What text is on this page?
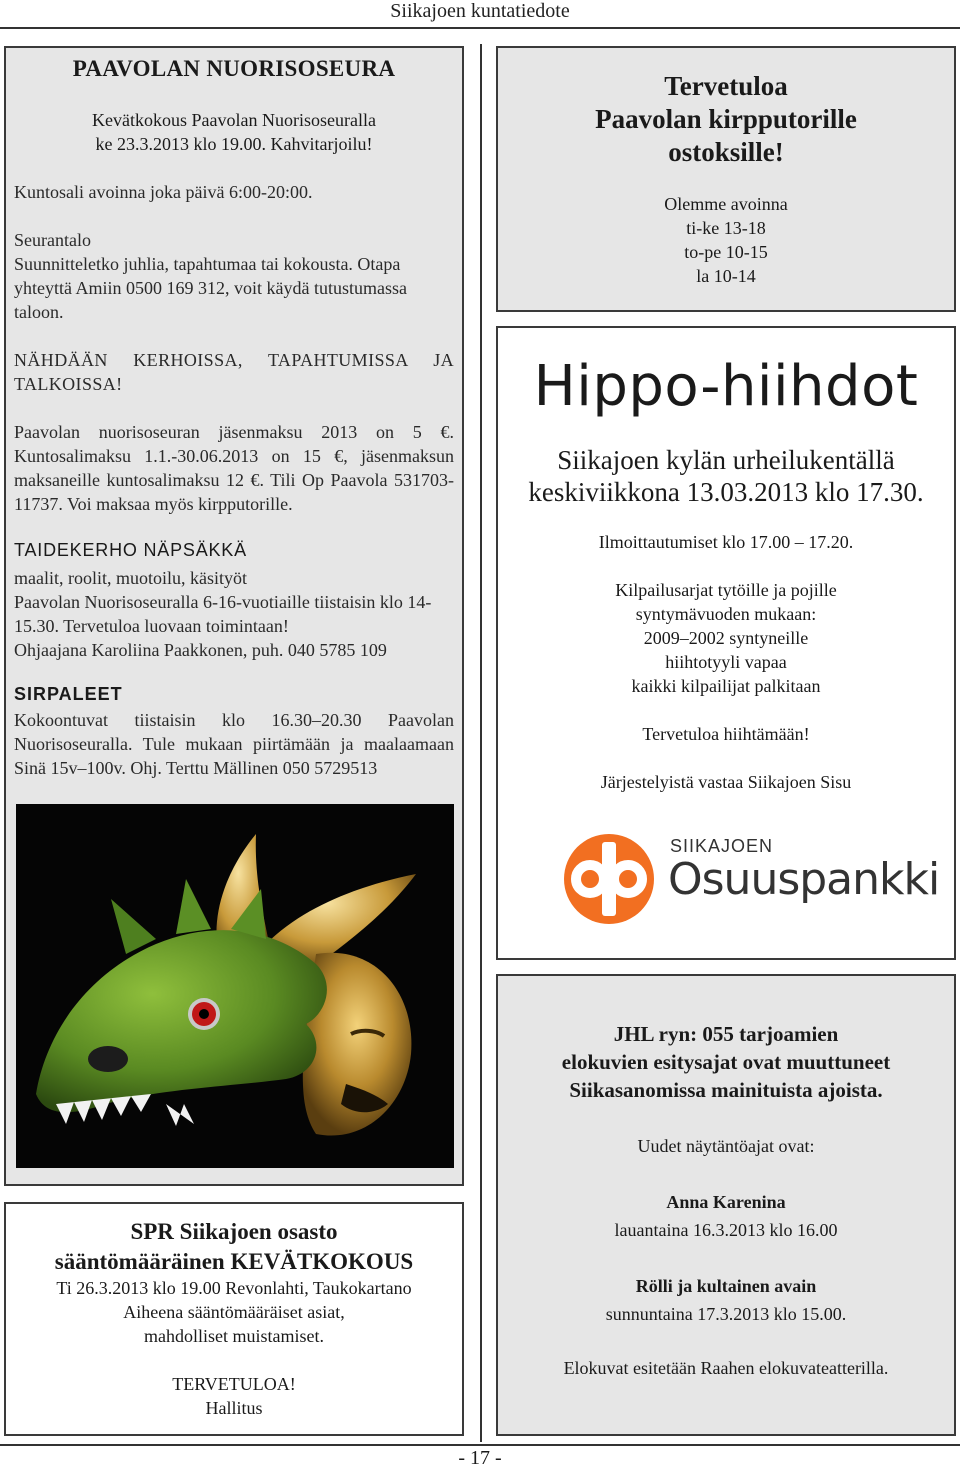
Siikajoen kuntatiedote
PAAVOLAN NUORISOSEURA
Kevätkokous Paavolan Nuorisoseuralla
ke 23.3.2013 klo 19.00. Kahvitarjoilu!
Kuntosali avoinna joka päivä 6:00-20:00.
Seurantalo
Suunnitteletko juhlia, tapahtumaa tai kokousta. Otapa yhteyttä Amiin 0500 169 312, voit käydä tutustumassa taloon.
NÄHDÄÄN KERHOISSA, TAPAHTUMISSA JA TALKOISSA!
Paavolan nuorisoseuran jäsenmaksu 2013 on 5 €. Kuntosalimaksu 1.1.-30.06.2013 on 15 €, jäsenmaksun maksaneille kuntosalimaksu 12 €. Tili Op Paavola 531703-11737. Voi maksaa myös kirpputorille.
TAIDEKERHO NÄPSÄKKÄ
maalit, roolit, muotoilu, käsityöt
Paavolan Nuorisoseuralla 6-16-vuotiaille tiistaisin klo 14-15.30. Tervetuloa luovaan toimintaan!
Ohjaajana Karoliina Paakkonen, puh. 040 5785 109
SIRPALEET
Kokoontuvat tiistaisin klo 16.30–20.30 Paavolan Nuorisoseuralla. Tule mukaan piirtämään ja maalaamaan Sinä 15v–100v. Ohj. Terttu Mällinen 050 5729513
SPR Siikajoen osasto
sääntömääräinen KEVÄTKOKOUS
Ti 26.3.2013 klo 19.00 Revonlahti, Taukokartano
Aiheena sääntömääräiset asiat,
mahdolliset muistamiset.
TERVETULOA!
Hallitus
Tervetuloa
Paavolan kirpputorille
ostoksille!
Olemme avoinna
ti-ke 13-18
to-pe 10-15
la 10-14
Hippo-hiihdot
Siikajoen kylän urheilukentällä
keskiviikkona 13.03.2013 klo 17.30.
Ilmoittautumiset klo 17.00 – 17.20.
Kilpailusarjat tytöille ja pojille
syntymävuoden mukaan:
2009–2002 syntyneille
hiihtotyyli vapaa
kaikki kilpailijat palkitaan
Tervetuloa hiihtämään!
Järjestelyistä vastaa Siikajoen Sisu
SIIKAJOEN
Osuuspankki
JHL ryn: 055 tarjoamien
elokuvien esitysajat ovat muuttuneet
Siikasanomissa mainituista ajoista.
Uudet näytäntöajat ovat:
Anna Karenina
lauantaina 16.3.2013 klo 16.00
Rölli ja kultainen avain
sunnuntaina 17.3.2013 klo 15.00.
Elokuvat esitetään Raahen elokuvateatterilla.
- 17 -
